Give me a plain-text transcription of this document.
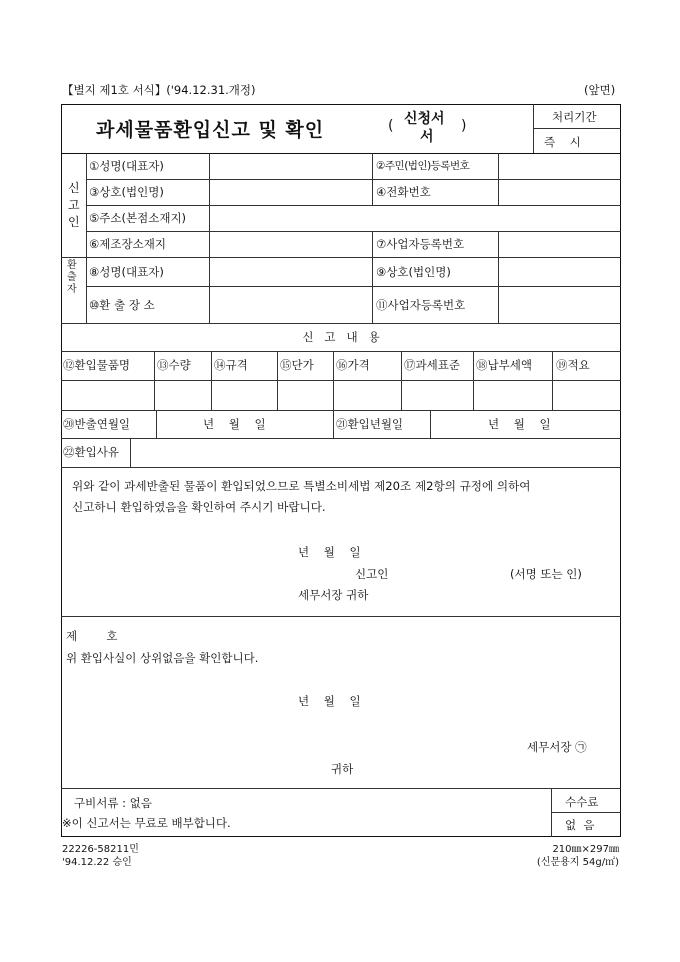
【별지 제1호 서식】('94.12.31.개정)	(앞면)
과세물품환입신고 및 확인	( 신청서
서
)
처리기간
즉    시
신고인
①성명(대표자)	②주민(법인)등록번호
③상호(법인명)	④전화번호
⑤주소(본점소재지)
⑥제조장소재지	⑦사업자등록번호
환출자
⑧성명(대표자)	⑨상호(법인명)
⑩환 출 장 소	⑪사업자등록번호
신   고   내   용
⑫환입물품명 ⑬수량 ⑭규격	⑮단가 ⑯가격	⑰과세표준 ⑱납부세액 ⑲적요
⑳반출연월일	년    월    일	㉑환입년월일	년    월    일
㉒환입사유
위와 같이 과세반출된 물품이 환입되었으므로 특별소비세법 제20조 제2항의 규정에 의하여
신고하니 환입하였음을 확인하여 주시기 바랍니다.
년    월    일
신고인	(서명 또는 인)
세무서장 귀하
제        호
위 환입사실이 상위없음을 확인합니다.
년    월    일
세무서장 ㉠
귀하
구비서류 : 없음
※이 신고서는 무료로 배부합니다.
수수료
없  음
22226-58211민
'94.12.22 승인
210㎜×297㎜
(신문용지 54g/㎡)
